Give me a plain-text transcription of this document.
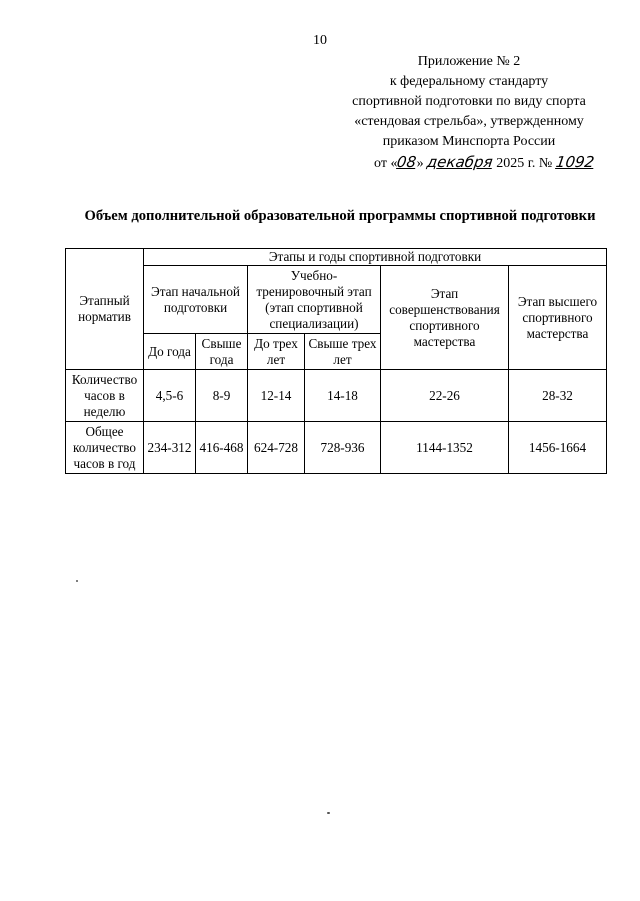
10
Приложение № 2
к федеральному стандарту
спортивной подготовки по виду спорта
«стендовая стрельба», утвержденному
приказом Минспорта России
от «08» декабря 2025 г. № 1092
Объем дополнительной образовательной программы спортивной подготовки
Этапный норматив	Этапы и годы спортивной подготовки					
	Этап начальной подготовки		Учебно-тренировочный этап (этап спортивной специализации)		Этап совершенствования спортивного мастерства	Этап высшего спортивного мастерства
	До года	Свыше года	До трех лет	Свыше трех лет		
Количество часов в неделю	4,5-6	8-9	12-14	14-18	22-26	28-32
Общее количество часов в год	234-312	416-468	624-728	728-936	1144-1352	1456-1664
